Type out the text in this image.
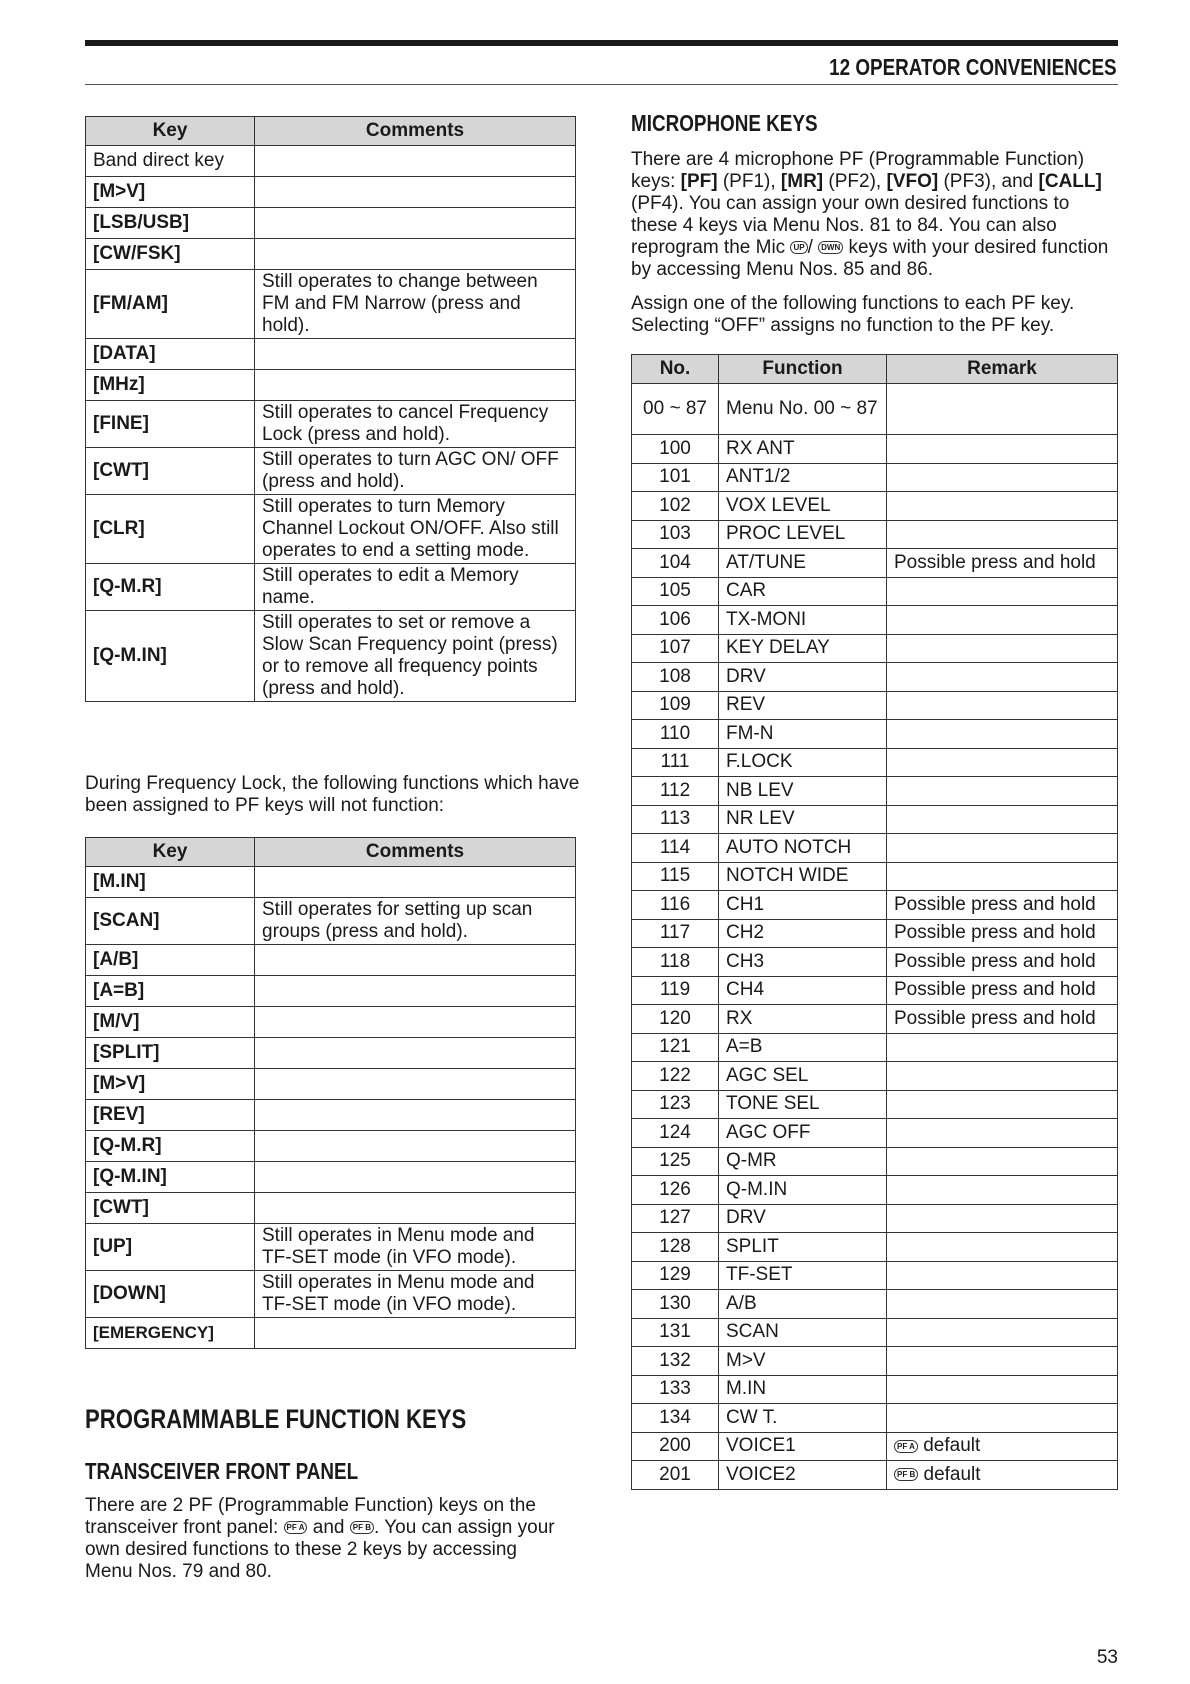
12 OPERATOR CONVENIENCES
Key	Comments
Band direct key	
[M>V]	
[LSB/USB]	
[CW/FSK]	
[FM/AM]	Still operates to change between FM and FM Narrow (press and hold).
[DATA]	
[MHz]	
[FINE]	Still operates to cancel Frequency Lock (press and hold).
[CWT]	Still operates to turn AGC ON/ OFF (press and hold).
[CLR]	Still operates to turn Memory Channel Lockout ON/OFF. Also still operates to end a setting mode.
[Q-M.R]	Still operates to edit a Memory name.
[Q-M.IN]	Still operates to set or remove a Slow Scan Frequency point (press) or to remove all frequency points (press and hold).
During Frequency Lock, the following functions which have been assigned to PF keys will not function:
Key	Comments
[M.IN]	
[SCAN]	Still operates for setting up scan groups (press and hold).
[A/B]	
[A=B]	
[M/V]	
[SPLIT]	
[M>V]	
[REV]	
[Q-M.R]	
[Q-M.IN]	
[CWT]	
[UP]	Still operates in Menu mode and TF-SET mode (in VFO mode).
[DOWN]	Still operates in Menu mode and TF-SET mode (in VFO mode).
[EMERGENCY]	
PROGRAMMABLE FUNCTION KEYS
TRANSCEIVER FRONT PANEL
There are 2 PF (Programmable Function) keys on the transceiver front panel: PF A and PF B . You can assign your own desired functions to these 2 keys by accessing Menu Nos. 79 and 80.
MICROPHONE KEYS
There are 4 microphone PF (Programmable Function) keys: [PF] (PF1), [MR] (PF2), [VFO] (PF3), and [CALL] (PF4). You can assign your own desired functions to these 4 keys via Menu Nos. 81 to 84. You can also reprogram the Mic UP / DWN keys with your desired function by accessing Menu Nos. 85 and 86.
Assign one of the following functions to each PF key. Selecting “OFF” assigns no function to the PF key.
No.	Function	Remark
00 ~ 87	Menu No. 00 ~ 87	
100	RX ANT	
101	ANT1/2	
102	VOX LEVEL	
103	PROC LEVEL	
104	AT/TUNE	Possible press and hold
105	CAR	
106	TX-MONI	
107	KEY DELAY	
108	DRV	
109	REV	
110	FM-N	
111	F.LOCK	
112	NB LEV	
113	NR LEV	
114	AUTO NOTCH	
115	NOTCH WIDE	
116	CH1	Possible press and hold
117	CH2	Possible press and hold
118	CH3	Possible press and hold
119	CH4	Possible press and hold
120	RX	Possible press and hold
121	A=B	
122	AGC SEL	
123	TONE SEL	
124	AGC OFF	
125	Q-MR	
126	Q-M.IN	
127	DRV	
128	SPLIT	
129	TF-SET	
130	A/B	
131	SCAN	
132	M>V	
133	M.IN	
134	CW T.	
200	VOICE1	PF A default
201	VOICE2	PF B default
53
